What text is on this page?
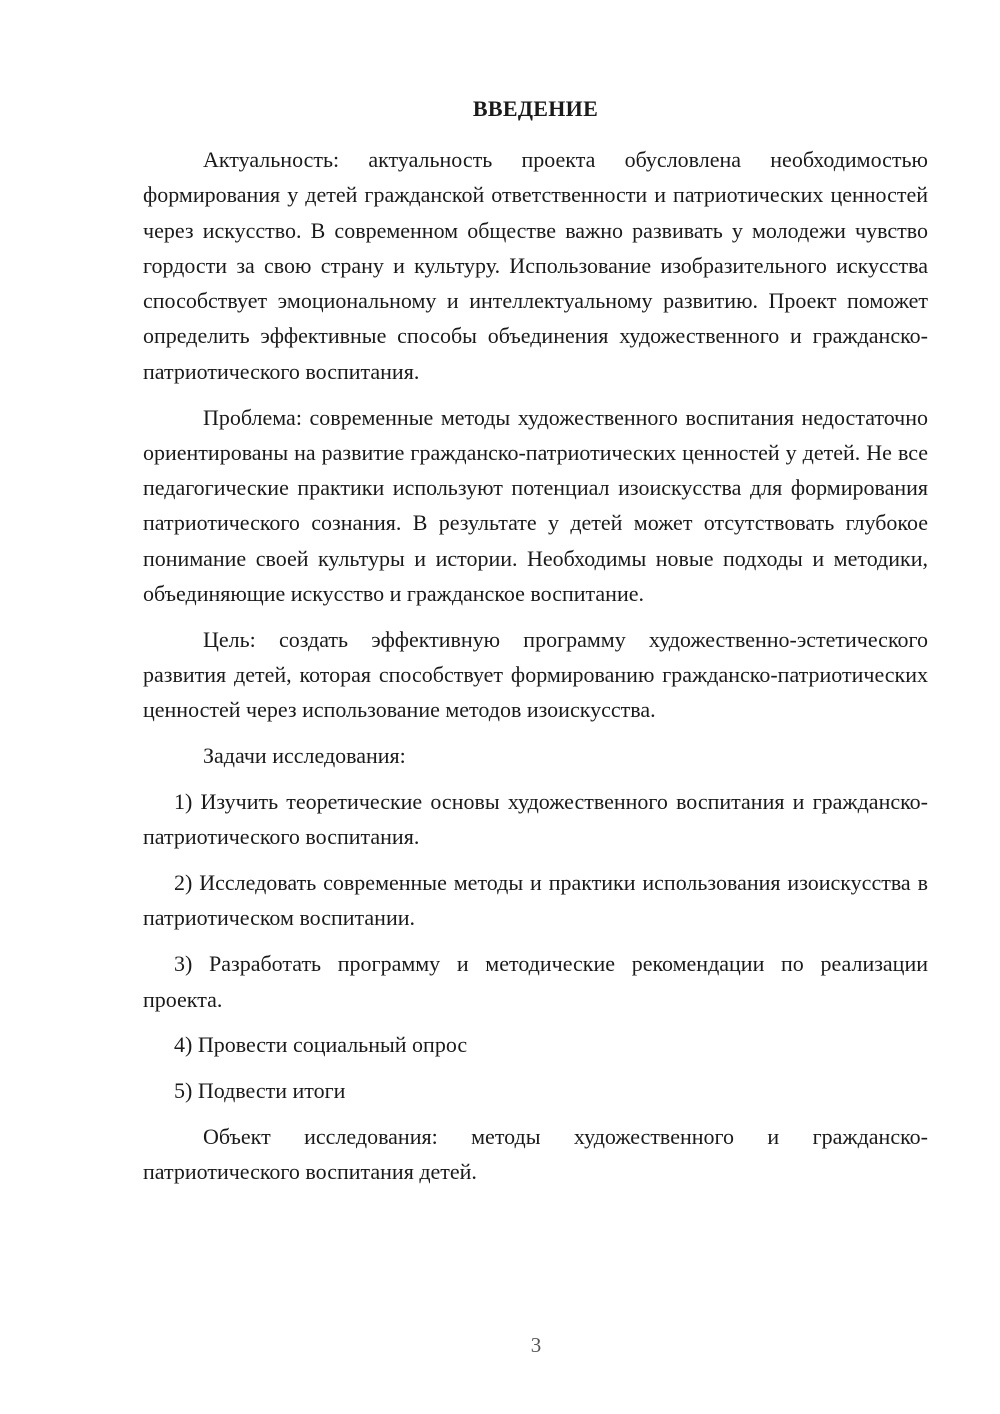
ВВЕДЕНИЕ

Актуальность: актуальность проекта обусловлена необходимостью формирования у детей гражданской ответственности и патриотических ценностей через искусство. В современном обществе важно развивать у молодежи чувство гордости за свою страну и культуру. Использование изобразительного искусства способствует эмоциональному и интеллектуальному развитию. Проект поможет определить эффективные способы объединения художественного и гражданско-патриотического воспитания.

Проблема: современные методы художественного воспитания недостаточно ориентированы на развитие гражданско-патриотических ценностей у детей. Не все педагогические практики используют потенциал изоискусства для формирования патриотического сознания. В результате у детей может отсутствовать глубокое понимание своей культуры и истории. Необходимы новые подходы и методики, объединяющие искусство и гражданское воспитание.

Цель: создать эффективную программу художественно-эстетического развития детей, которая способствует формированию гражданско-патриотических ценностей через использование методов изоискусства.

Задачи исследования:

1) Изучить теоретические основы художественного воспитания и гражданско-патриотического воспитания.

2) Исследовать современные методы и практики использования изоискусства в патриотическом воспитании.

3) Разработать программу и методические рекомендации по реализации проекта.

4) Провести социальный опрос

5) Подвести итоги

Объект исследования: методы художественного и гражданско-патриотического воспитания детей.

3
